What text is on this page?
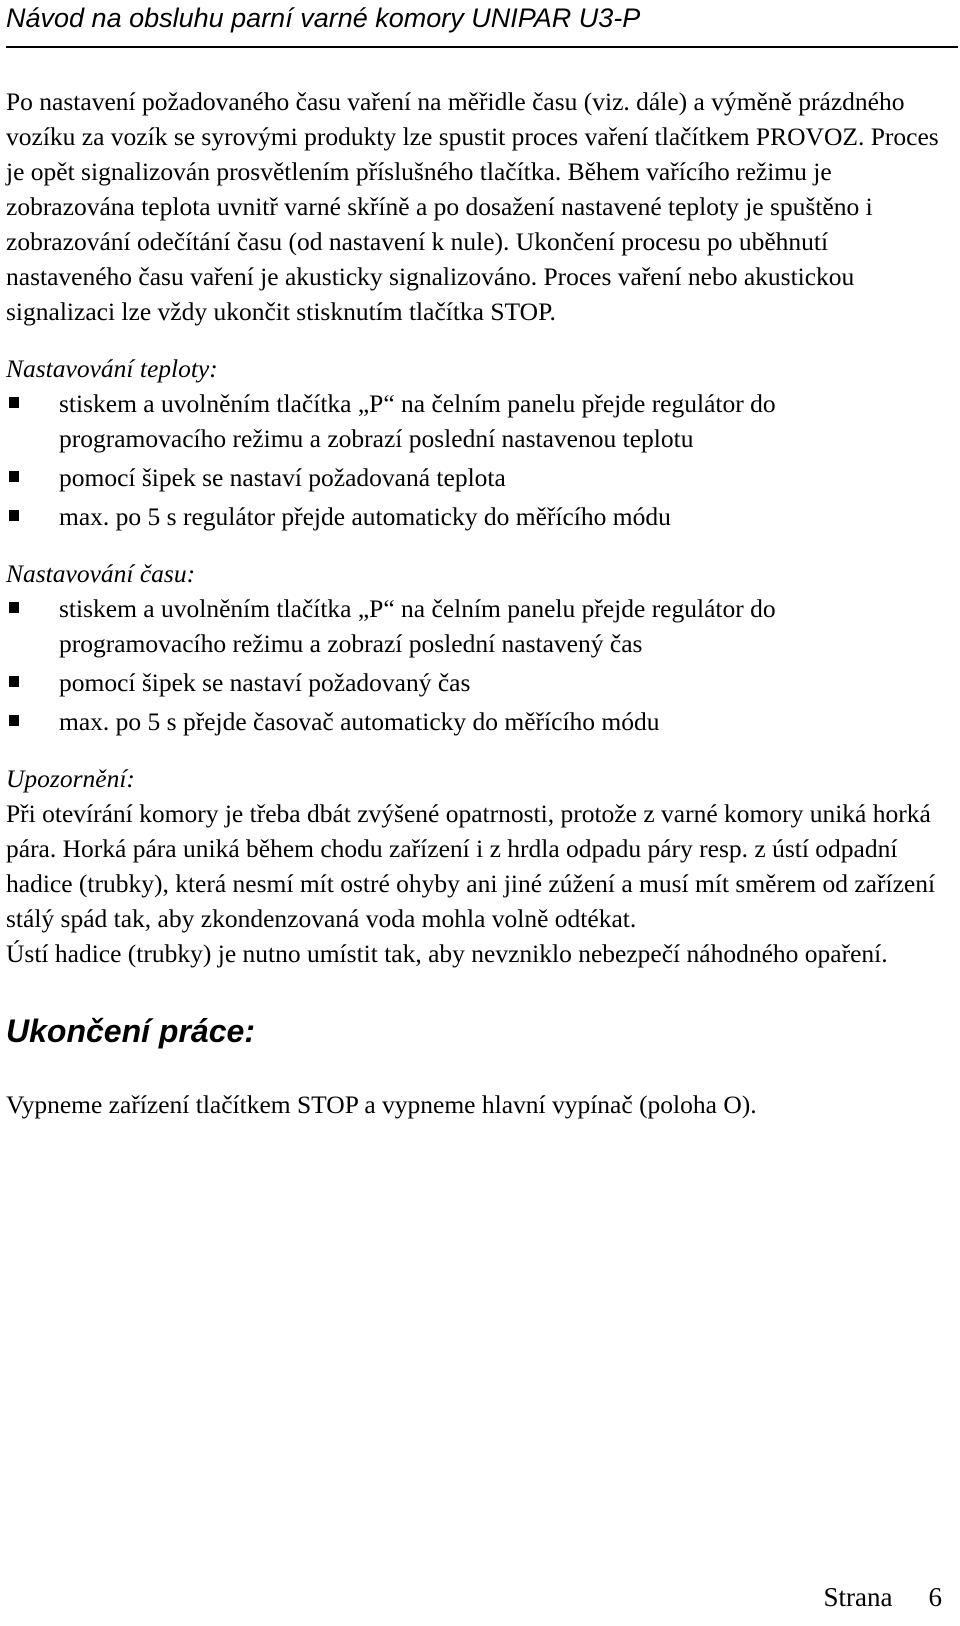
Návod na obsluhu parní varné komory UNIPAR U3-P

Po nastavení požadovaného času vaření na měřidle času (viz. dále) a výměně prázdného vozíku za vozík se syrovými produkty lze spustit proces vaření tlačítkem PROVOZ. Proces je opět signalizován prosvětlením příslušného tlačítka. Během vařícího režimu je zobrazována teplota uvnitř varné skříně a po dosažení nastavené teploty je spuštěno i zobrazování odečítání času (od nastavení k nule). Ukončení procesu po uběhnutí nastaveného času vaření je akusticky signalizováno. Proces vaření nebo akustickou signalizaci lze vždy ukončit stisknutím tlačítka STOP.

Nastavování teploty:

stiskem a uvolněním tlačítka „P“ na čelním panelu přejde regulátor do programovacího režimu a zobrazí poslední nastavenou teplotu
pomocí šipek se nastaví požadovaná teplota
max. po 5 s regulátor přejde automaticky do měřícího módu

Nastavování času:

stiskem a uvolněním tlačítka „P“ na čelním panelu přejde regulátor do programovacího režimu a zobrazí poslední nastavený čas
pomocí šipek se nastaví požadovaný čas
max. po 5 s přejde časovač automaticky do měřícího módu

Upozornění:

Při otevírání komory je třeba dbát zvýšené opatrnosti, protože z varné komory uniká horká pára. Horká pára uniká během chodu zařízení i z hrdla odpadu páry resp. z ústí odpadní hadice (trubky), která nesmí mít ostré ohyby ani jiné zúžení a musí mít směrem od zařízení stálý spád tak, aby zkondenzovaná voda mohla volně odtékat.

Ústí hadice (trubky) je nutno umístit tak, aby nevzniklo nebezpečí náhodného opaření.

Ukončení práce:

Vypneme zařízení tlačítkem STOP a vypneme hlavní vypínač (poloha O).

Strana 6
